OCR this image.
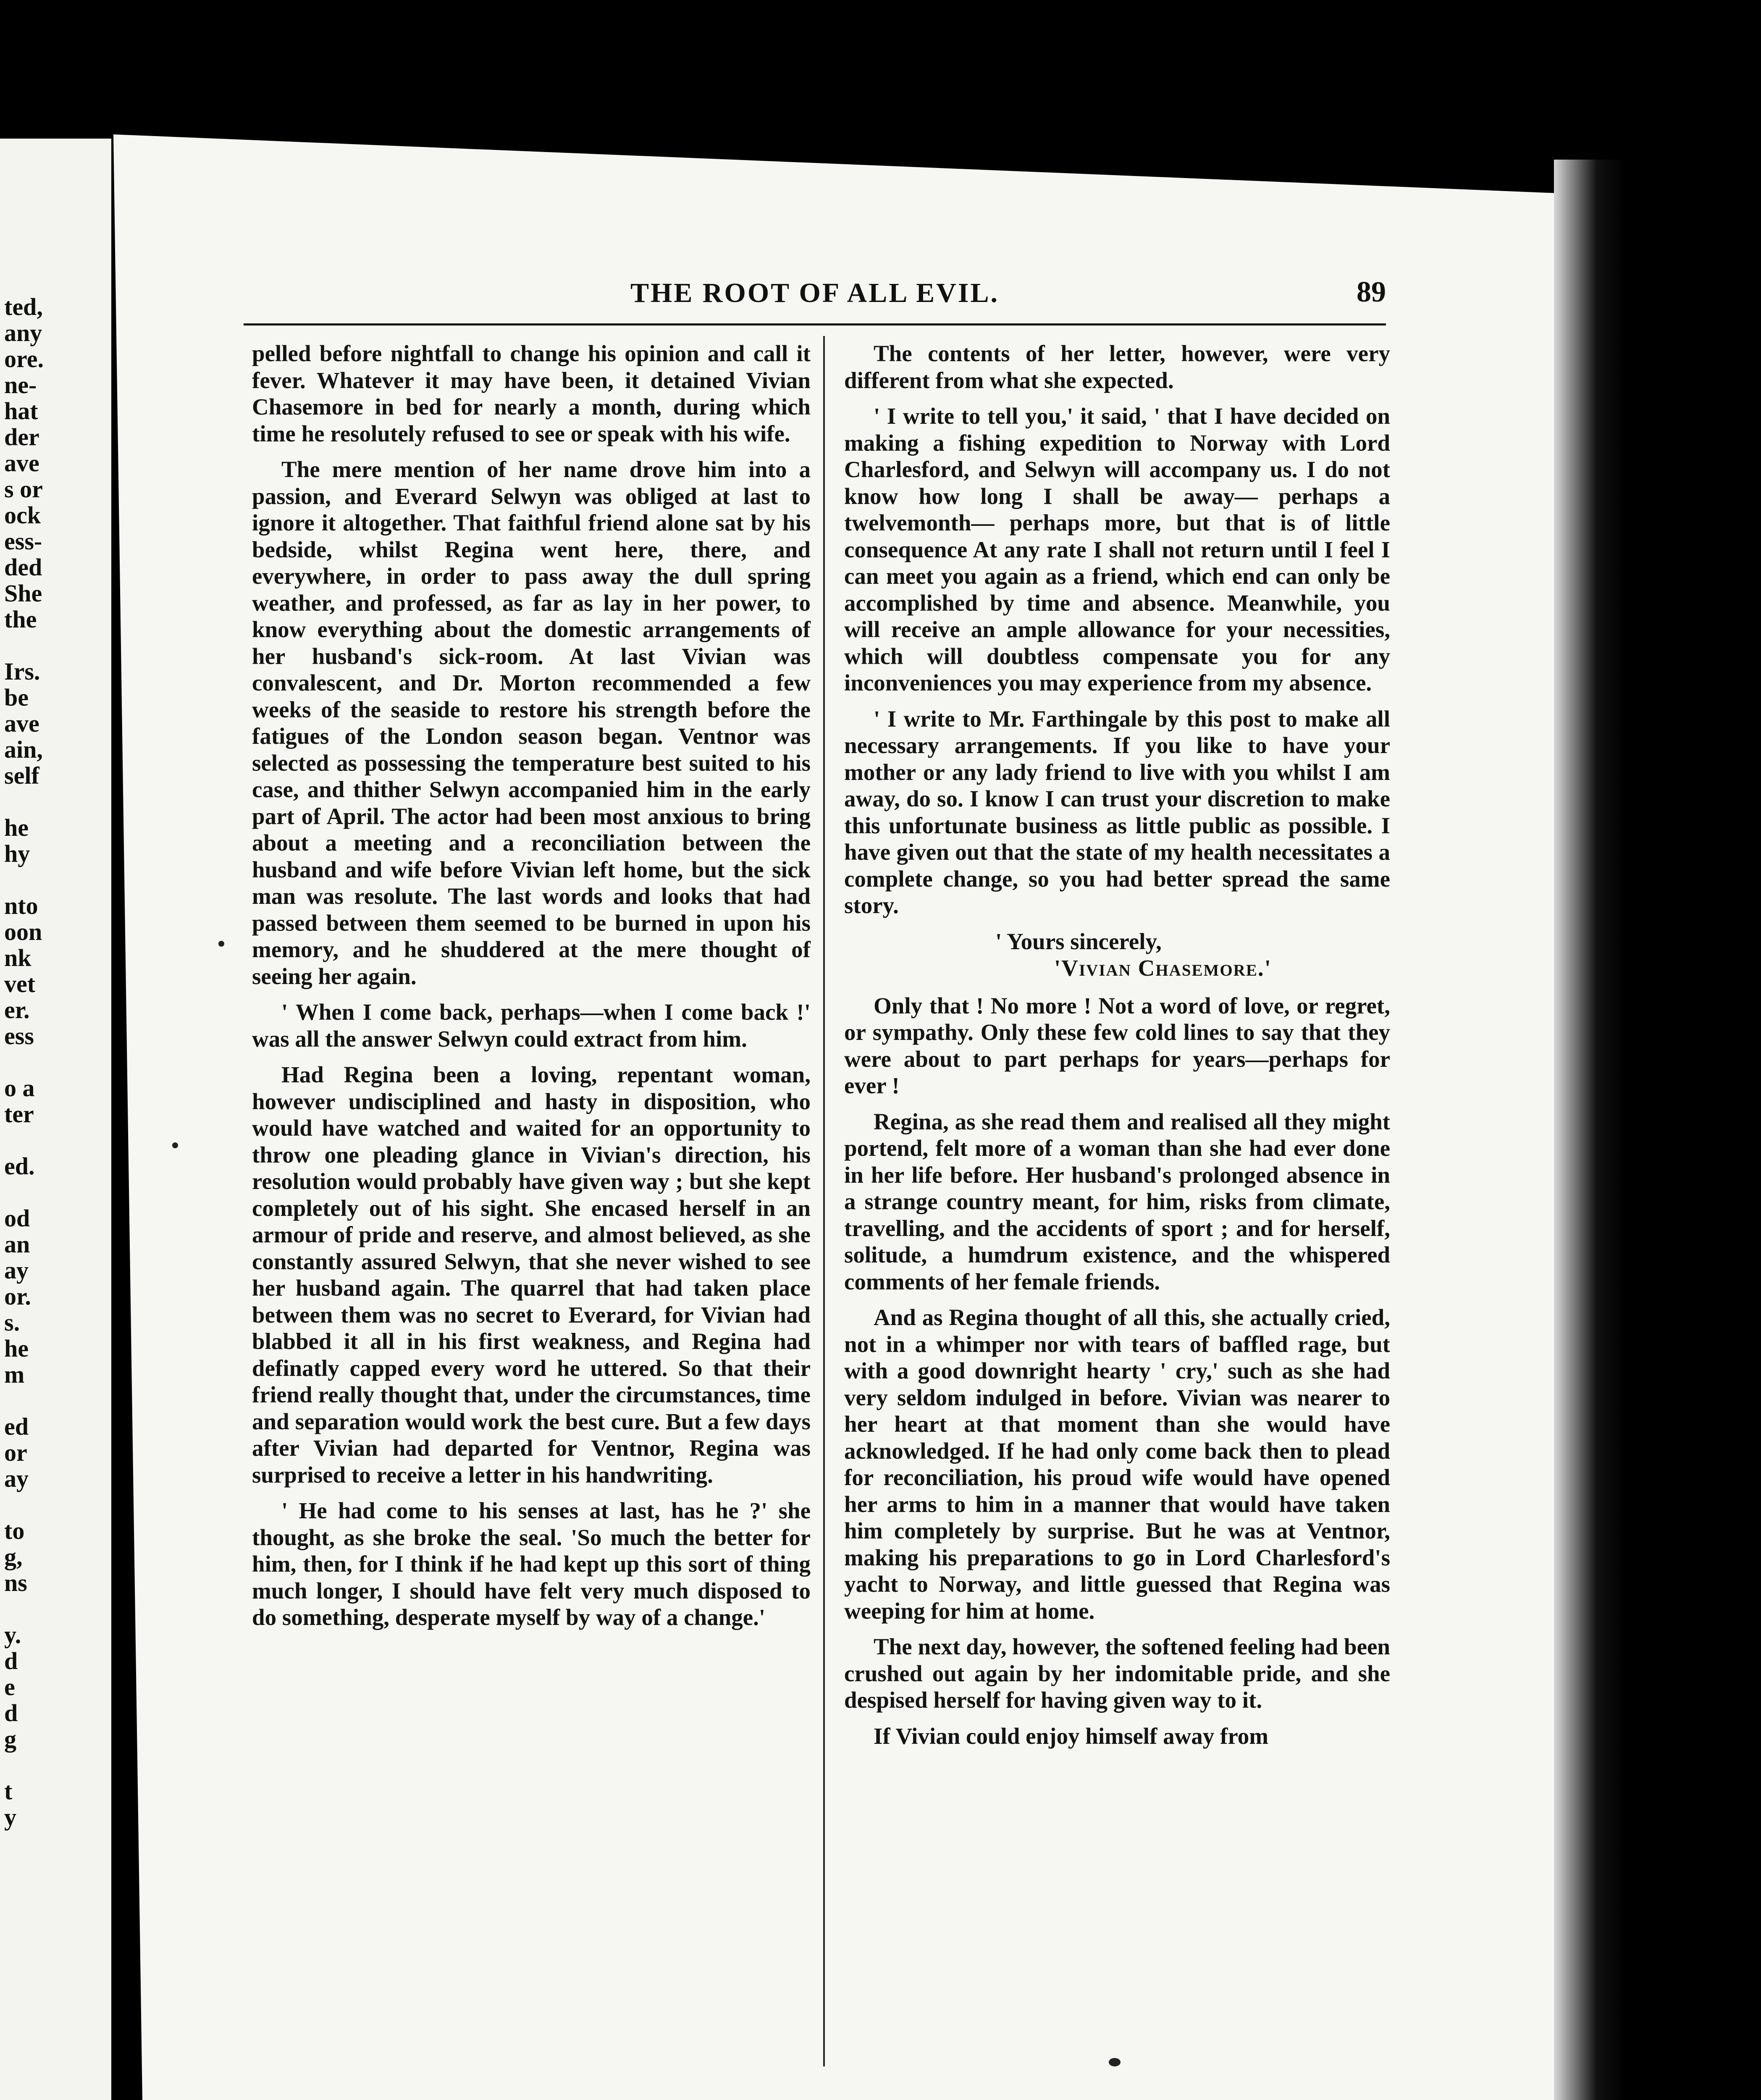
ted,
any
ore.
ne-
hat
der
ave
s or
ock
ess-
ded
She
the
Irs.
be
ave
ain,
self
he
hy
nto
oon
nk
vet
er.
ess
o a
ter
ed.
od
an
ay
or.
s.
he
m
ed
or
ay
to
g,
ns
y.
d
e
d
g
t
y
THE ROOT OF ALL EVIL.	89

pelled before nightfall to change his opinion and call it fever. Whatever it may have been, it detained Vivian Chasemore in bed for nearly a month, during which time he resolutely refused to see or speak with his wife.

The mere mention of her name drove him into a passion, and Everard Selwyn was obliged at last to ignore it altogether. That faithful friend alone sat by his bedside, whilst Regina went here, there, and everywhere, in order to pass away the dull spring weather, and professed, as far as lay in her power, to know everything about the domestic arrangements of her husband's sick-room. At last Vivian was convalescent, and Dr. Morton recommended a few weeks of the seaside to restore his strength before the fatigues of the London season began. Ventnor was selected as possessing the temperature best suited to his case, and thither Selwyn accompanied him in the early part of April. The actor had been most anxious to bring about a meeting and a reconciliation between the husband and wife before Vivian left home, but the sick man was resolute. The last words and looks that had passed between them seemed to be burned in upon his memory, and he shuddered at the mere thought of seeing her again.

' When I come back, perhaps—when I come back !' was all the answer Selwyn could extract from him.

Had Regina been a loving, repentant woman, however undisciplined and hasty in disposition, who would have watched and waited for an opportunity to throw one pleading glance in Vivian's direction, his resolution would probably have given way ; but she kept completely out of his sight. She encased herself in an armour of pride and reserve, and almost believed, as she constantly assured Selwyn, that she never wished to see her husband again. The quarrel that had taken place between them was no secret to Everard, for Vivian had blabbed it all in his first weakness, and Regina had definatly capped every word he uttered. So that their friend really thought that, under the circumstances, time and separation would work the best cure. But a few days after Vivian had departed for Ventnor, Regina was surprised to receive a letter in his handwriting.

' He had come to his senses at last, has he ?' she thought, as she broke the seal. 'So much the better for him, then, for I think if he had kept up this sort of thing much longer, I should have felt very much disposed to do something, desperate myself by way of a change.'

The contents of her letter, however, were very different from what she expected.

' I write to tell you,' it said, ' that I have decided on making a fishing expedition to Norway with Lord Charlesford, and Selwyn will accompany us. I do not know how long I shall be away— perhaps a twelvemonth— perhaps more, but that is of little consequence At any rate I shall not return until I feel I can meet you again as a friend, which end can only be accomplished by time and absence. Meanwhile, you will receive an ample allowance for your necessities, which will doubtless compensate you for any inconveniences you may experience from my absence.

' I write to Mr. Farthingale by this post to make all necessary arrangements. If you like to have your mother or any lady friend to live with you whilst I am away, do so. I know I can trust your discretion to make this unfortunate business as little public as possible. I have given out that the state of my health necessitates a complete change, so you had better spread the same story.

' Yours sincerely,
'Vivian Chasemore.'

Only that ! No more ! Not a word of love, or regret, or sympathy. Only these few cold lines to say that they were about to part perhaps for years—perhaps for ever !

Regina, as she read them and realised all they might portend, felt more of a woman than she had ever done in her life before. Her husband's prolonged absence in a strange country meant, for him, risks from climate, travelling, and the accidents of sport ; and for herself, solitude, a humdrum existence, and the whispered comments of her female friends.

And as Regina thought of all this, she actually cried, not in a whimper nor with tears of baffled rage, but with a good downright hearty ' cry,' such as she had very seldom indulged in before. Vivian was nearer to her heart at that moment than she would have acknowledged. If he had only come back then to plead for reconciliation, his proud wife would have opened her arms to him in a manner that would have taken him completely by surprise. But he was at Ventnor, making his preparations to go in Lord Charlesford's yacht to Norway, and little guessed that Regina was weeping for him at home.

The next day, however, the softened feeling had been crushed out again by her indomitable pride, and she despised herself for having given way to it.

If Vivian could enjoy himself away from
